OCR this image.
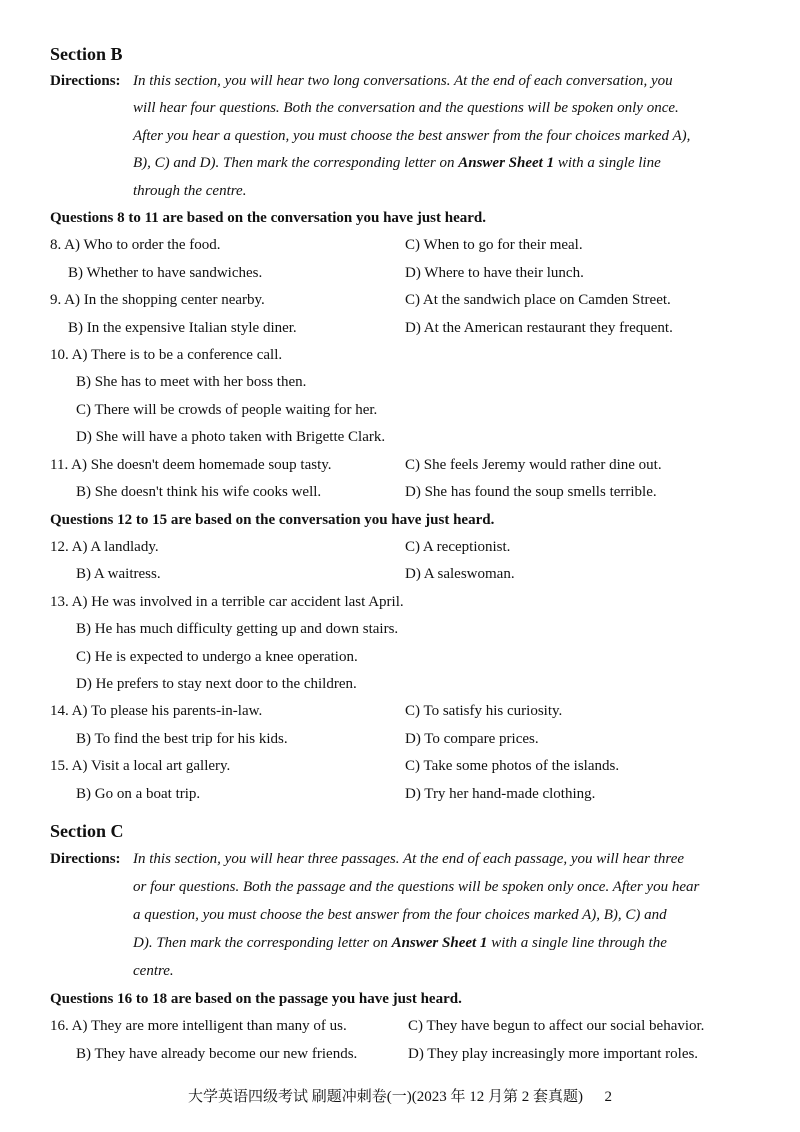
Section B
Directions: In this section, you will hear two long conversations. At the end of each conversation, you
will hear four questions. Both the conversation and the questions will be spoken only once.
After you hear a question, you must choose the best answer from the four choices marked A),
B), C) and D). Then mark the corresponding letter on Answer Sheet 1 with a single line
through the centre.
Questions 8 to 11 are based on the conversation you have just heard.
8. A) Who to order the food.	C) When to go for their meal.
B) Whether to have sandwiches.	D) Where to have their lunch.
9. A) In the shopping center nearby.	C) At the sandwich place on Camden Street.
B) In the expensive Italian style diner.	D) At the American restaurant they frequent.
10. A) There is to be a conference call.
B) She has to meet with her boss then.
C) There will be crowds of people waiting for her.
D) She will have a photo taken with Brigette Clark.
11. A) She doesn't deem homemade soup tasty.	C) She feels Jeremy would rather dine out.
B) She doesn't think his wife cooks well.	D) She has found the soup smells terrible.
Questions 12 to 15 are based on the conversation you have just heard.
12. A) A landlady.	C) A receptionist.
B) A waitress.	D) A saleswoman.
13. A) He was involved in a terrible car accident last April.
B) He has much difficulty getting up and down stairs.
C) He is expected to undergo a knee operation.
D) He prefers to stay next door to the children.
14. A) To please his parents-in-law.	C) To satisfy his curiosity.
B) To find the best trip for his kids.	D) To compare prices.
15. A) Visit a local art gallery.	C) Take some photos of the islands.
B) Go on a boat trip.	D) Try her hand-made clothing.
Section C
Directions: In this section, you will hear three passages. At the end of each passage, you will hear three
or four questions. Both the passage and the questions will be spoken only once. After you hear
a question, you must choose the best answer from the four choices marked A), B), C) and
D). Then mark the corresponding letter on Answer Sheet 1 with a single line through the
centre.
Questions 16 to 18 are based on the passage you have just heard.
16. A) They are more intelligent than many of us.	C) They have begun to affect our social behavior.
B) They have already become our new friends.	D) They play increasingly more important roles.
大学英语四级考试 刷题冲刺卷(一)(2023 年 12 月第 2 套真题) 2
